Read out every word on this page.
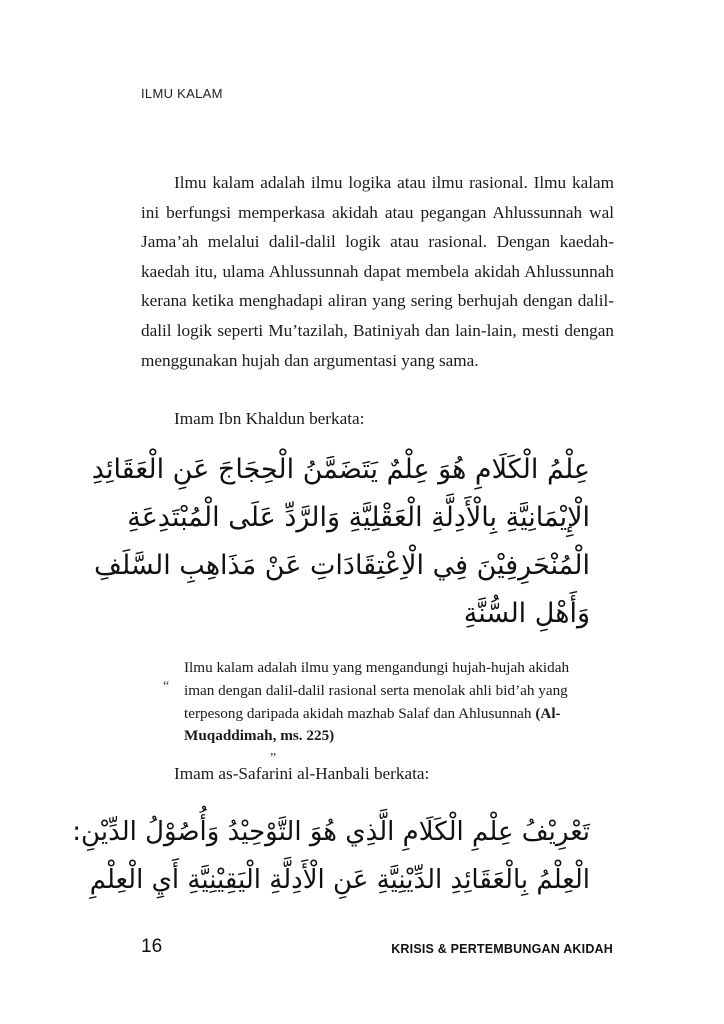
ILMU KALAM

Ilmu kalam adalah ilmu logika atau ilmu rasional. Ilmu kalam ini berfungsi memperkasa akidah atau pegangan Ahlussunnah wal Jama’ah melalui dalil-dalil logik atau rasional. Dengan kaedah-kaedah itu, ulama Ahlussunnah dapat membela akidah Ahlussunnah kerana ketika menghadapi aliran yang sering berhujah dengan dalil-dalil logik seperti Mu’tazilah, Batiniyah dan lain-lain, mesti dengan menggunakan hujah dan argumentasi yang sama.

Imam Ibn Khaldun berkata:

عِلْمُ الْكَلَامِ هُوَ عِلْمٌ يَتَضَمَّنُ الْحِجَاجَ عَنِ الْعَقَائِدِ
الْإِيْمَانِيَّةِ بِالْأَدِلَّةِ الْعَقْلِيَّةِ وَالرَّدِّ عَلَى الْمُبْتَدِعَةِ
الْمُنْحَرِفِيْنَ فِي الْاِعْتِقَادَاتِ عَنْ مَذَاهِبِ السَّلَفِ
وَأَهْلِ السُّنَّةِ
“

Ilmu kalam adalah ilmu yang mengandungi hujah-hujah akidah iman dengan dalil-dalil rasional serta menolak ahli bid’ah yang terpesong daripada akidah mazhab Salaf dan Ahlusunnah (Al-Muqaddimah, ms. 225)

”

Imam as-Safarini al-Hanbali berkata:

تَعْرِيْفُ عِلْمِ الْكَلَامِ الَّذِي هُوَ التَّوْحِيْدُ وَأُصُوْلُ الدِّيْنِ:
الْعِلْمُ بِالْعَقَائِدِ الدِّيْنِيَّةِ عَنِ الْأَدِلَّةِ الْيَقِيْنِيَّةِ أَيِ الْعِلْمِ
16	KRISIS & PERTEMBUNGAN AKIDAH
